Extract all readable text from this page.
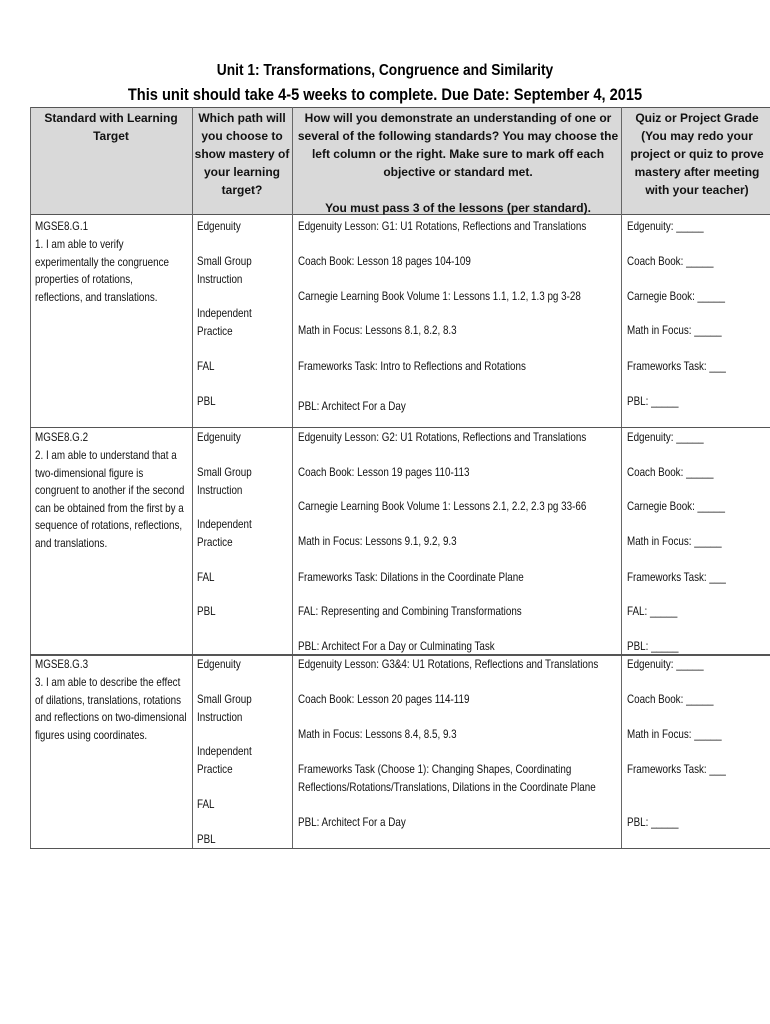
Unit 1: Transformations, Congruence and Similarity
This unit should take 4-5 weeks to complete. Due Date: September 4, 2015
Standard with Learning Target
Which path will you choose to show mastery of your learning target?
How will you demonstrate an understanding of one or several of the following standards? You may choose the left column or the right. Make sure to mark off each objective or standard met.
You must pass 3 of the lessons (per standard).
Quiz or Project Grade (You may redo your project or quiz to prove mastery after meeting with your teacher)
MGSE8.G.1
1. I am able to verify experimentally the congruence properties of rotations, reflections, and translations.
Edgenuity
Small Group Instruction
Independent Practice
FAL
PBL
Edgenuity Lesson: G1: U1 Rotations, Reflections and Translations
Coach Book: Lesson 18 pages 104-109
Carnegie Learning Book Volume 1: Lessons 1.1, 1.2, 1.3 pg 3-28
Math in Focus: Lessons 8.1, 8.2, 8.3
Frameworks Task: Intro to Reflections and Rotations
PBL: Architect For a Day
Edgenuity: _____
Coach Book: _____
Carnegie Book: _____
Math in Focus: _____
Frameworks Task: ___
PBL: _____
MGSE8.G.2
2. I am able to understand that a two-dimensional figure is congruent to another if the second can be obtained from the first by a sequence of rotations, reflections, and translations.
Edgenuity
Small Group Instruction
Independent Practice
FAL
PBL
Edgenuity Lesson: G2: U1 Rotations, Reflections and Translations
Coach Book: Lesson 19 pages 110-113
Carnegie Learning Book Volume 1: Lessons 2.1, 2.2, 2.3 pg 33-66
Math in Focus: Lessons 9.1, 9.2, 9.3
Frameworks Task: Dilations in the Coordinate Plane
FAL: Representing and Combining Transformations
PBL: Architect For a Day or Culminating Task
Edgenuity: _____
Coach Book: _____
Carnegie Book: _____
Math in Focus: _____
Frameworks Task: ___
FAL: _____
PBL: _____
MGSE8.G.3
3. I am able to describe the effect of dilations, translations, rotations and reflections on two-dimensional figures using coordinates.
Edgenuity
Small Group Instruction
Independent Practice
FAL
PBL
Edgenuity Lesson: G3&4: U1 Rotations, Reflections and Translations
Coach Book: Lesson 20 pages 114-119
Math in Focus: Lessons 8.4, 8.5, 9.3
Frameworks Task (Choose 1): Changing Shapes, Coordinating Reflections/Rotations/Translations, Dilations in the Coordinate Plane
PBL: Architect For a Day
Edgenuity: _____
Coach Book: _____
Math in Focus: _____
Frameworks Task: ___
PBL: _____
